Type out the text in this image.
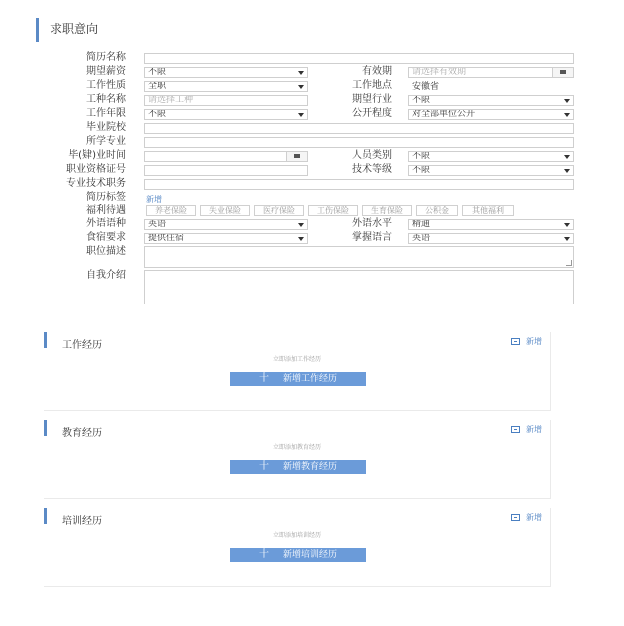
求职意向
简历名称
期望薪资	不限	有效期	请选择有效期
工作性质	全职	工作地点 安徽省
工种名称	请选择工种	期望行业	不限
工作年限	不限	公开程度	对全部单位公开
毕业院校
所学专业
毕(肄)业时间	人员类别	不限
职业资格证号	技术等级	不限
专业技术职务
简历标签	新增
福利待遇	养老保险	失业保险	医疗保险	工伤保险	生育保险	公积金	其他福利
外语语种	英语	外语水平	精通
食宿要求	提供住宿	掌握语言	英语
职位描述
自我介绍
工作经历	新增
立即添加工作经历
十 新增工作经历
教育经历	新增
立即添加教育经历
十 新增教育经历
培训经历	新增
立即添加培训经历
十 新增培训经历
